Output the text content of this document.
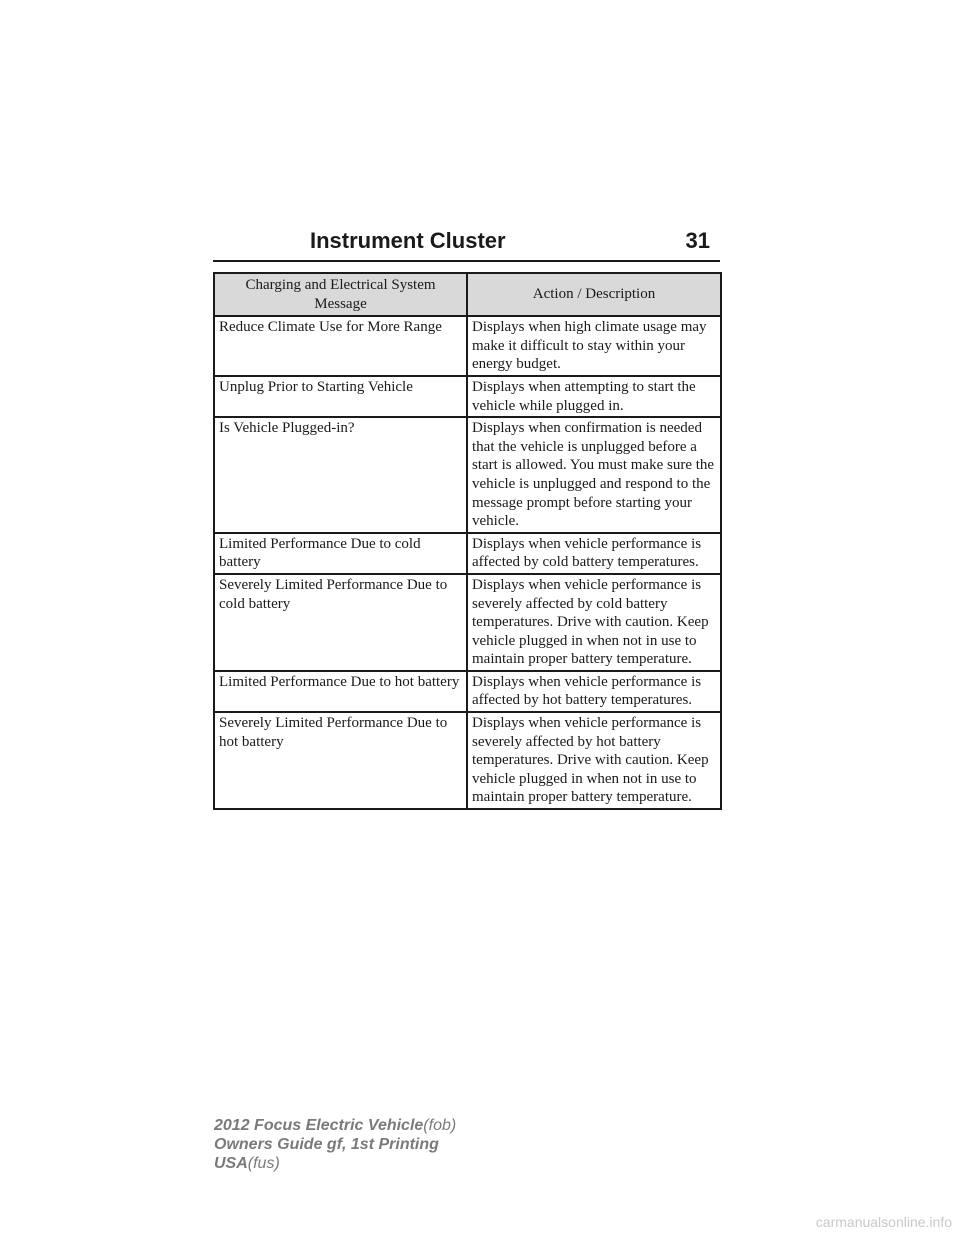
Instrument Cluster	31
Charging and Electrical System Message	Action / Description
Reduce Climate Use for More Range	Displays when high climate usage may make it difficult to stay within your energy budget.
Unplug Prior to Starting Vehicle	Displays when attempting to start the vehicle while plugged in.
Is Vehicle Plugged-in?	Displays when confirmation is needed that the vehicle is unplugged before a start is allowed. You must make sure the vehicle is unplugged and respond to the message prompt before starting your vehicle.
Limited Performance Due to cold battery	Displays when vehicle performance is affected by cold battery temperatures.
Severely Limited Performance Due to cold battery	Displays when vehicle performance is severely affected by cold battery temperatures. Drive with caution. Keep vehicle plugged in when not in use to maintain proper battery temperature.
Limited Performance Due to hot battery	Displays when vehicle performance is affected by hot battery temperatures.
Severely Limited Performance Due to hot battery	Displays when vehicle performance is severely affected by hot battery temperatures. Drive with caution. Keep vehicle plugged in when not in use to maintain proper battery temperature.
2012 Focus Electric Vehicle(fob)
Owners Guide gf, 1st Printing
USA(fus)
carmanualsonline.info
